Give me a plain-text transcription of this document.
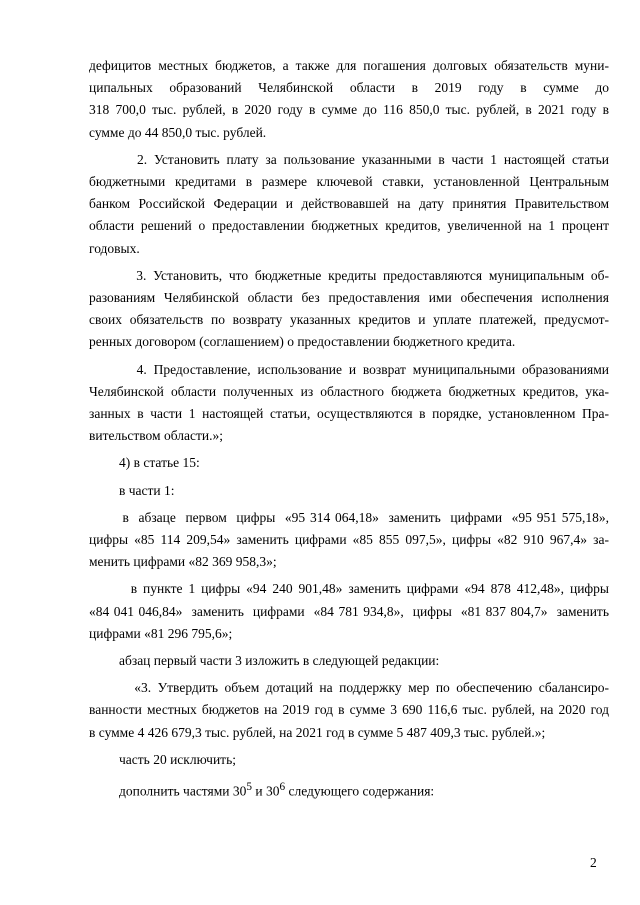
дефицитов местных бюджетов, а также для погашения долговых обязательств муни-
ципальных  образований  Челябинской  области  в  2019  году  в  сумме  до
318 700,0 тыс. рублей, в 2020 году в сумме до 116 850,0 тыс. рублей, в 2021 году в
сумме до 44 850,0 тыс. рублей.
2. Установить плату за пользование указанными в части 1 настоящей статьи
бюджетными кредитами в размере ключевой ставки, установленной Центральным
банком Российской Федерации и действовавшей на дату принятия Правительством
области решений о предоставлении бюджетных кредитов, увеличенной на 1 процент
годовых.
3. Установить, что бюджетные кредиты предоставляются муниципальным об-
разованиям Челябинской области без предоставления ими обеспечения исполнения
своих обязательств по возврату указанных кредитов и уплате платежей, предусмот-
ренных договором (соглашением) о предоставлении бюджетного кредита.
4. Предоставление, использование и возврат муниципальными образованиями
Челябинской области полученных из областного бюджета бюджетных кредитов, ука-
занных в части 1 настоящей статьи, осуществляются в порядке, установленном Пра-
вительством области.»;
4) в статье 15:
в части 1:
в  абзаце  первом  цифры  «95 314 064,18»  заменить  цифрами  «95 951 575,18»,
цифры «85 114 209,54» заменить цифрами «85 855 097,5», цифры «82 910 967,4» за-
менить цифрами «82 369 958,3»;
в пункте 1 цифры «94 240 901,48» заменить цифрами «94 878 412,48», цифры
«84 041 046,84»  заменить  цифрами  «84 781 934,8»,  цифры  «81 837 804,7»  заменить
цифрами «81 296 795,6»;
абзац первый части 3 изложить в следующей редакции:
«3. Утвердить объем дотаций на поддержку мер по обеспечению сбалансиро-
ванности местных бюджетов на 2019 год в сумме 3 690 116,6 тыс. рублей, на 2020 год
в сумме 4 426 679,3 тыс. рублей, на 2021 год в сумме 5 487 409,3 тыс. рублей.»;
часть 20 исключить;
дополнить частями $30^5$ и $30^6$ следующего содержания:
2
